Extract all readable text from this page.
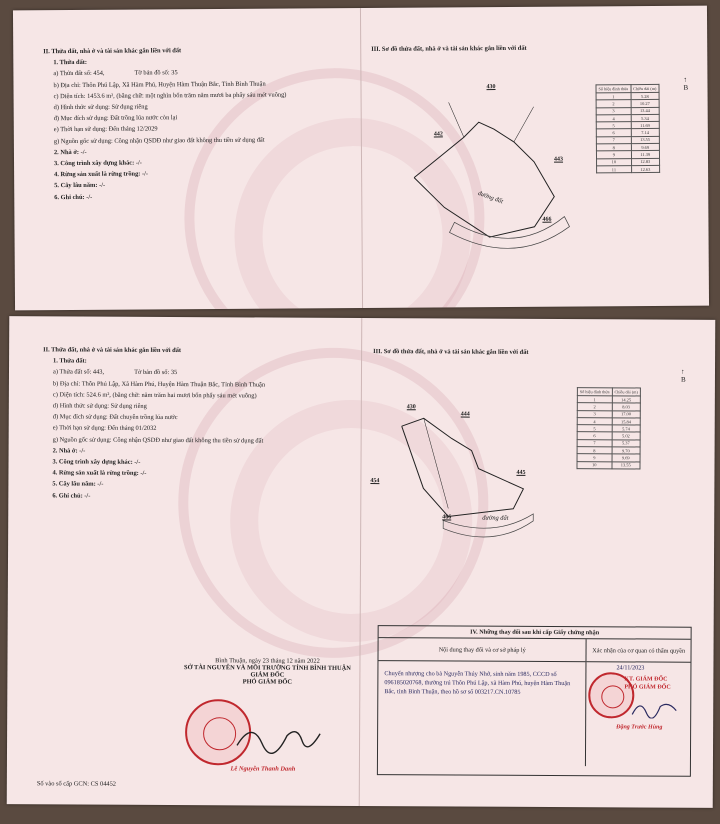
II. Thửa đất, nhà ở và tài sản khác gắn liền với đất
1. Thửa đất:
a) Thửa đất số: 454,	Tờ bản đồ số: 35
b) Địa chỉ: Thôn Phú Lập, Xã Hàm Phú, Huyện Hàm Thuận Bắc, Tỉnh Bình Thuận
c) Diện tích: 1453.6 m², (bằng chữ: một nghìn bốn trăm năm mươi ba phẩy sáu mét vuông)
d) Hình thức sử dụng: Sử dụng riêng
đ) Mục đích sử dụng: Đất trồng lúa nước còn lại
e) Thời hạn sử dụng: Đến tháng 12/2029
g) Nguồn gốc sử dụng: Công nhận QSDĐ như giao đất không thu tiền sử dụng đất
2. Nhà ở: -/-
3. Công trình xây dựng khác: -/-
4. Rừng sản xuất là rừng trồng: -/-
5. Cây lâu năm: -/-
6. Ghi chú: -/-
III. Sơ đồ thửa đất, nhà ở và tài sản khác gắn liền với đất
430
442
443
466
đường đất
Số hiệu đỉnh thửa	Chiều dài (m)
1	5.28
2	10.27
3	13.44
4	5.34
5	11.69
6	7.14
7	13.55
8	9.69
9	11.39
10	12.83
11	12.63
↑
B
II. Thửa đất, nhà ở và tài sản khác gắn liền với đất
1. Thửa đất:
a) Thửa đất số: 443,	Tờ bản đồ số: 35
b) Địa chỉ: Thôn Phú Lập, Xã Hàm Phú, Huyện Hàm Thuận Bắc, Tỉnh Bình Thuận
c) Diện tích: 524.6 m², (bằng chữ: năm trăm hai mươi bốn phẩy sáu mét vuông)
d) Hình thức sử dụng: Sử dụng riêng
đ) Mục đích sử dụng: Đất chuyên trồng lúa nước
e) Thời hạn sử dụng: Đến tháng 01/2032
g) Nguồn gốc sử dụng: Công nhận QSDĐ như giao đất không thu tiền sử dụng đất
2. Nhà ở: -/-
3. Công trình xây dựng khác: -/-
4. Rừng sản xuất là rừng trồng: -/-
5. Cây lâu năm: -/-
6. Ghi chú: -/-
III. Sơ đồ thửa đất, nhà ở và tài sản khác gắn liền với đất
430
444
445
454
466	đường đất
Số hiệu đỉnh thửa	Chiều dài (m)
1	14.25
2	8.03
3	17.00
4	15.84
5	5.74
6	5.02
7	5.37
8	9.70
9	9.69
10	13.55
↑
B
Bình Thuận, ngày 23 tháng 12 năm 2022
SỞ TÀI NGUYÊN VÀ MÔI TRƯỜNG TỈNH BÌNH THUẬN
GIÁM ĐỐC
PHÓ GIÁM ĐỐC
Lê Nguyễn Thanh Danh
Số vào sổ cấp GCN: CS 04452
IV. Những thay đổi sau khi cấp Giấy chứng nhận
Nội dung thay đổi và cơ sở pháp lý	Xác nhận của cơ quan có thẩm quyền
Chuyển nhượng cho bà Nguyễn Thúy Nhớ, sinh năm 1985, CCCD số 096185020768, thường trú Thôn Phú Lập, xã Hàm Phú, huyện Hàm Thuận Bắc, tỉnh Bình Thuận, theo hồ sơ số 003217.CN.10785
24/11/2023
KT. GIÁM ĐỐC
PHÓ GIÁM ĐỐC
Đặng Trước Hùng
